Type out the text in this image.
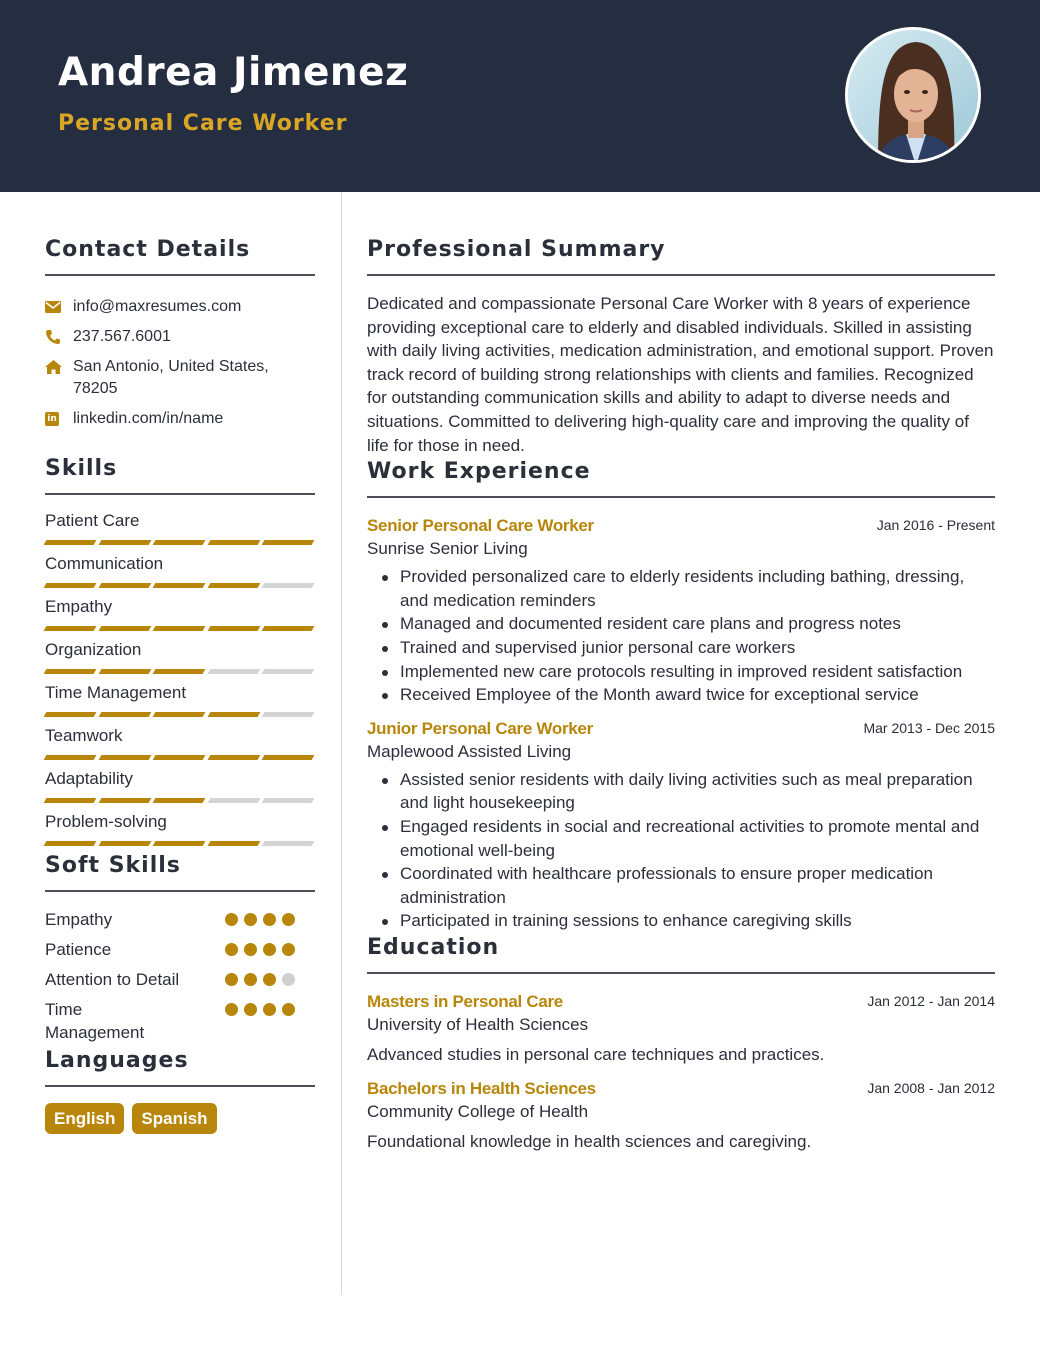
Andrea Jimenez
Personal Care Worker
Contact Details
info@maxresumes.com
237.567.6001
San Antonio, United States, 78205
in linkedin.com/in/name
Skills
Patient Care
Communication
Empathy
Organization
Time Management
Teamwork
Adaptability
Problem-solving
Soft Skills
Empathy
Patience
Attention to Detail
Time Management
Languages
English	Spanish
Professional Summary
Dedicated and compassionate Personal Care Worker with 8 years of experience providing exceptional care to elderly and disabled individuals. Skilled in assisting with daily living activities, medication administration, and emotional support. Proven track record of building strong relationships with clients and families. Recognized for outstanding communication skills and ability to adapt to diverse needs and situations. Committed to delivering high-quality care and improving the quality of life for those in need.
Work Experience
Senior Personal Care Worker	Jan 2016 - Present
Sunrise Senior Living
Provided personalized care to elderly residents including bathing, dressing, and medication reminders
Managed and documented resident care plans and progress notes
Trained and supervised junior personal care workers
Implemented new care protocols resulting in improved resident satisfaction
Received Employee of the Month award twice for exceptional service
Junior Personal Care Worker	Mar 2013 - Dec 2015
Maplewood Assisted Living
Assisted senior residents with daily living activities such as meal preparation and light housekeeping
Engaged residents in social and recreational activities to promote mental and emotional well-being
Coordinated with healthcare professionals to ensure proper medication administration
Participated in training sessions to enhance caregiving skills
Education
Masters in Personal Care	Jan 2012 - Jan 2014
University of Health Sciences
Advanced studies in personal care techniques and practices.
Bachelors in Health Sciences	Jan 2008 - Jan 2012
Community College of Health
Foundational knowledge in health sciences and caregiving.
